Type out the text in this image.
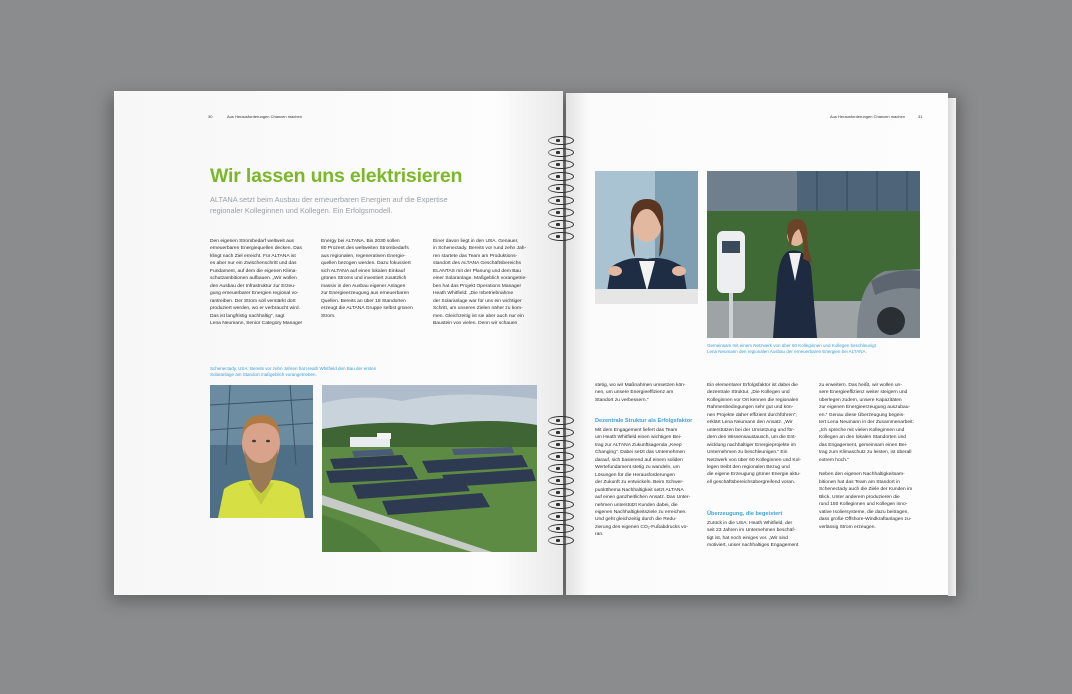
30	Aus Herausforderungen Chancen machen
Wir lassen uns elektrisieren
ALTANA setzt beim Ausbau der erneuerbaren Energien auf die Expertise regionaler Kolleginnen und Kollegen. Ein Erfolgsmodell.
Den eigenen Strombedarf weltweit aus
erneuerbaren Energiequellen decken. Das
klingt nach Ziel erreicht. Für ALTANA ist
es aber nur ein Zwischenschritt und das
Fundament, auf dem die eigenen Klima-
schutzambitionen aufbauen. „Wir wollen
den Ausbau der Infrastruktur zur Erzeu-
gung erneuerbarer Energien regional vo-
rantreiben. Der Strom soll verstärkt dort
produziert werden, wo er verbraucht wird.
Das ist langfristig nachhaltig“, sagt
Lena Neumann, Senior Category Manager
Energy bei ALTANA. Bis 2030 sollen
80 Prozent des weltweiten Strombedarfs
aus regionalen, regenerativen Energie-
quellen bezogen werden. Dazu fokussiert
sich ALTANA auf einen lokalen Einkauf
grünen Stroms und investiert zusätzlich
massiv in den Ausbau eigener Anlagen
zur Energieerzeugung aus erneuerbaren
Quellen. Bereits an über 18 Standorten
erzeugt die ALTANA Gruppe selbst grünen
Strom.
Einer davon liegt in den USA. Genauer,
in Schenectady. Bereits vor rund zehn Jah-
ren startete das Team am Produktions-
standort des ALTANA Geschäftsbereichs
ELANTAS mit der Planung und dem Bau
einer Solaranlage. Maßgeblich vorangetrie-
ben hat das Projekt Operations Manager
Heath Whitfield: „Die Inbetriebnahme
der Solaranlage war für uns ein wichtiger
Schritt, um unseren Zielen näher zu kom-
men. Gleichzeitig ist sie aber auch nur ein
Baustein von vielen. Denn wir schauen
Schenectady, USA: Bereits vor zehn Jahren hat Heath Whitfield den Bau der ersten
Solaranlage am Standort maßgeblich vorangetrieben.
Aus Herausforderungen Chancen machen	31
Gemeinsam mit einem Netzwerk von über 60 Kolleginnen und Kollegen beschleunigt
Lena Neumann den regionalen Ausbau der erneuerbaren Energien bei ALTANA.
stetig, wo wir Maßnahmen umsetzen kön-
nen, um unsere Energieeffizienz am
Standort zu verbessern.“
Dezentrale Struktur als Erfolgsfaktor
Mit dem Engagement liefert das Team
um Heath Whitfield einen wichtigen Bei-
trag zur ALTANA Zukunftsagenda „Keep
Changing“. Dabei setzt das Unternehmen
darauf, sich basierend auf einem soliden
Wertefundament stetig zu wandeln, um
Lösungen für die Herausforderungen
der Zukunft zu entwickeln. Beim Schwer-
punktthema Nachhaltigkeit setzt ALTANA
auf einen ganzheitlichen Ansatz. Das Unter-
nehmen unterstützt Kunden dabei, die
eigenen Nachhaltigkeitsziele zu erreichen.
Und geht gleichzeitig durch die Redu-
zierung des eigenen CO₂-Fußabdrucks vo-
ran.
Ein elementarer Erfolgsfaktor ist dabei die
dezentrale Struktur. „Die Kollegen und
Kolleginnen vor Ort kennen die regionalen
Rahmenbedingungen sehr gut und kön-
nen Projekte daher effizient durchführen“,
erklärt Lena Neumann den Ansatz. „Wir
unterstützen bei der Umsetzung und för-
dern den Wissensaustausch, um die Ent-
wicklung nachhaltiger Energieprojekte im
Unternehmen zu beschleunigen.“ Ein
Netzwerk von über 60 Kolleginnen und Kol-
legen treibt den regionalen Bezug und
die eigene Erzeugung grüner Energie aktu-
ell geschäftsbereichsübergreifend voran.
Überzeugung, die begeistert
Zurück in die USA: Heath Whitfield, der
seit 23 Jahren im Unternehmen beschäf-
tigt ist, hat noch einiges vor. „Wir sind
motiviert, unser nachhaltiges Engagement
zu erweitern. Das heißt, wir wollen un-
sere Energieeffizienz weiter steigern und
überlegen zudem, unsere Kapazitäten
zur eigenen Energieerzeugung auszubau-
en.“ Genau diese Überzeugung begeis-
tert Lena Neumann in der Zusammenarbeit:
„Ich spreche mit vielen Kolleginnen und
Kollegen an den lokalen Standorten und
das Engagement, gemeinsam einen Bei-
trag zum Klimaschutz zu leisten, ist überall
extrem hoch.“

Neben den eigenen Nachhaltigkeitsam-
bitionen hat das Team am Standort in
Schenectady auch die Ziele der Kunden im
Blick. Unter anderem produzieren die
rund 150 Kolleginnen und Kollegen inno-
vative Isoliersysteme, die dazu beitragen,
dass große Offshore-Windkraftanlagen zu-
verlässig Strom erzeugen.
